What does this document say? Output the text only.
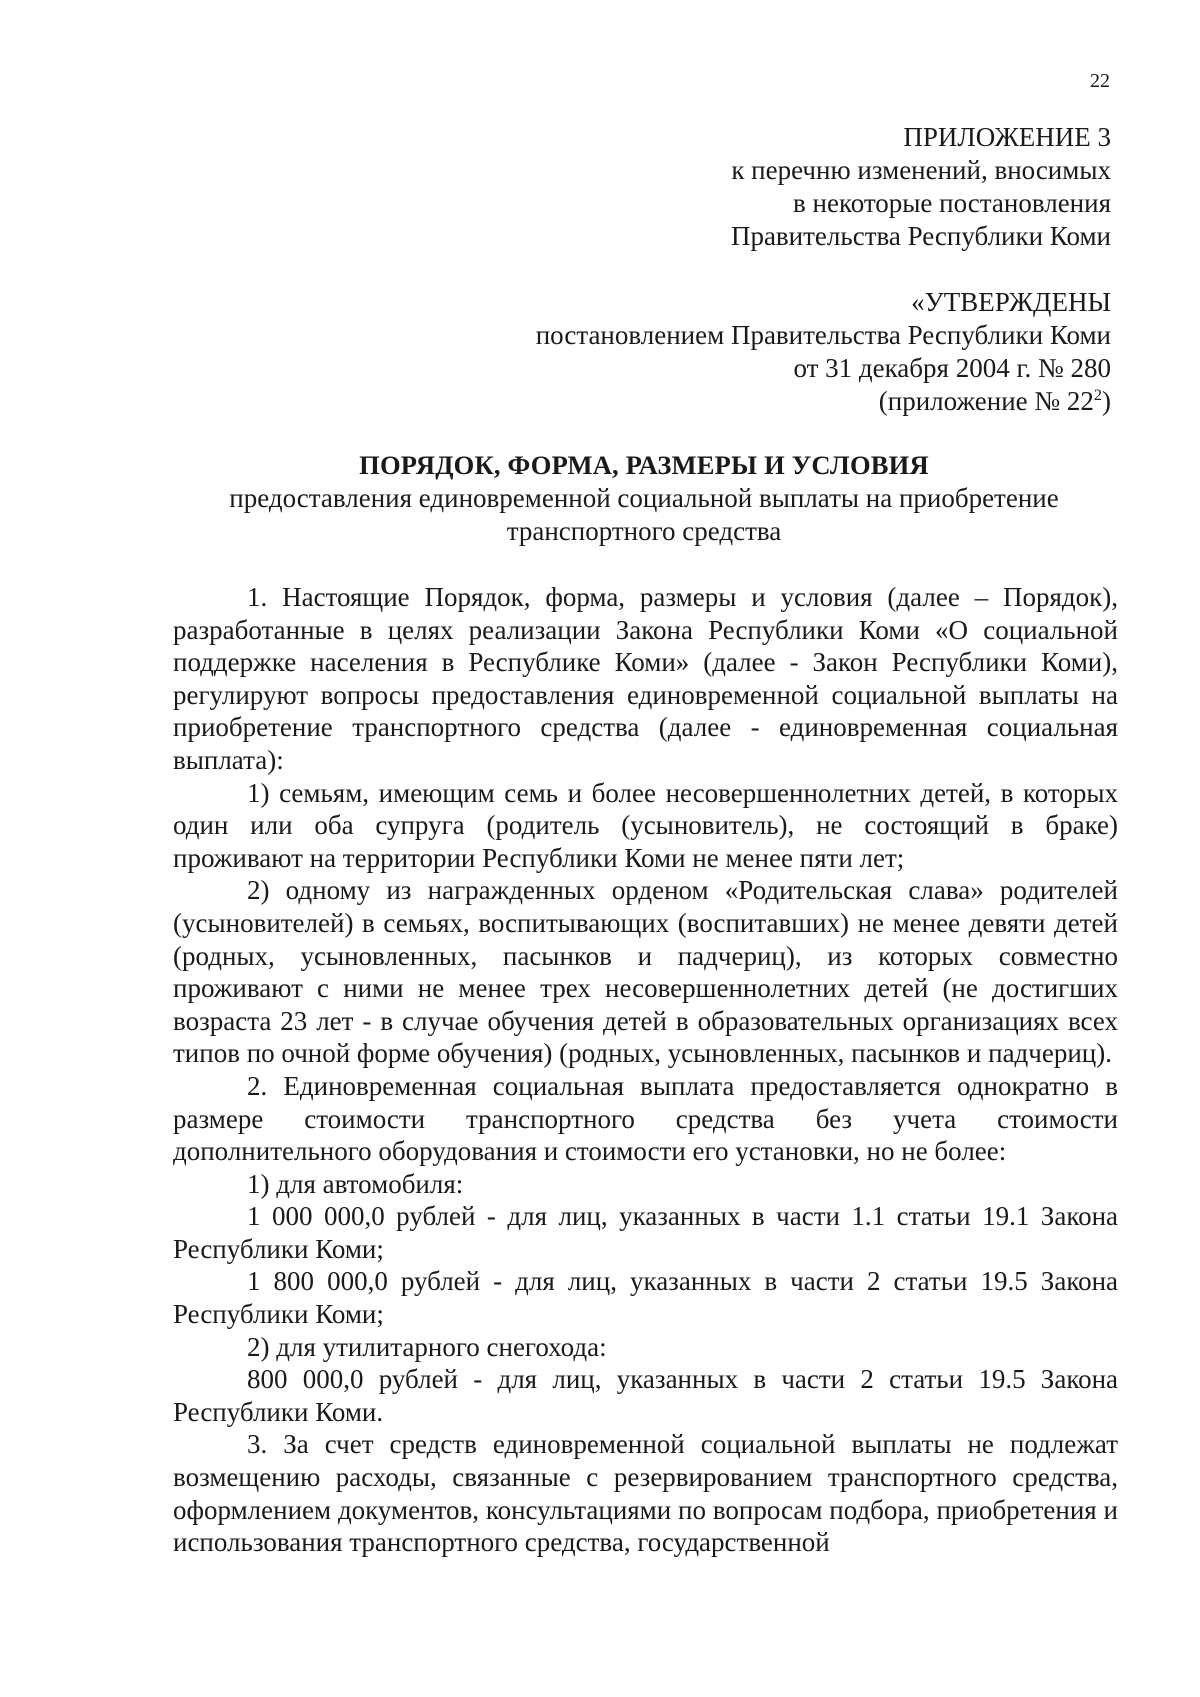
22
ПРИЛОЖЕНИЕ 3
к перечню изменений, вносимых
в некоторые постановления
Правительства Республики Коми
«УТВЕРЖДЕНЫ
постановлением Правительства Республики Коми
от 31 декабря 2004 г. № 280
(приложение № $22^2$)
ПОРЯДОК, ФОРМА, РАЗМЕРЫ И УСЛОВИЯ
предоставления единовременной социальной выплаты на приобретение
транспортного средства

1. Настоящие Порядок, форма, размеры и условия (далее – Порядок), разработанные в целях реализации Закона Республики Коми «О социальной поддержке населения в Республике Коми» (далее - Закон Республики Коми), регулируют вопросы предоставления единовременной социальной выплаты на приобретение транспортного средства (далее - единовременная социальная выплата):

1) семьям, имеющим семь и более несовершеннолетних детей, в которых один или оба супруга (родитель (усыновитель), не состоящий в браке) проживают на территории Республики Коми не менее пяти лет;

2) одному из награжденных орденом «Родительская слава» родителей (усыновителей) в семьях, воспитывающих (воспитавших) не менее девяти детей (родных, усыновленных, пасынков и падчериц), из которых совместно проживают с ними не менее трех несовершеннолетних детей (не достигших возраста 23 лет - в случае обучения детей в образовательных организациях всех типов по очной форме обучения) (родных, усыновленных, пасынков и падчериц).

2. Единовременная социальная выплата предоставляется однократно в размере стоимости транспортного средства без учета стоимости дополнительного оборудования и стоимости его установки, но не более:

1) для автомобиля:

1 000 000,0 рублей - для лиц, указанных в части 1.1 статьи 19.1 Закона Республики Коми;

1 800 000,0 рублей - для лиц, указанных в части 2 статьи 19.5 Закона Республики Коми;

2) для утилитарного снегохода:

800 000,0 рублей - для лиц, указанных в части 2 статьи 19.5 Закона Республики Коми.

3. За счет средств единовременной социальной выплаты не подлежат возмещению расходы, связанные с резервированием транспортного средства, оформлением документов, консультациями по вопросам подбора, приобретения и использования транспортного средства, государственной
